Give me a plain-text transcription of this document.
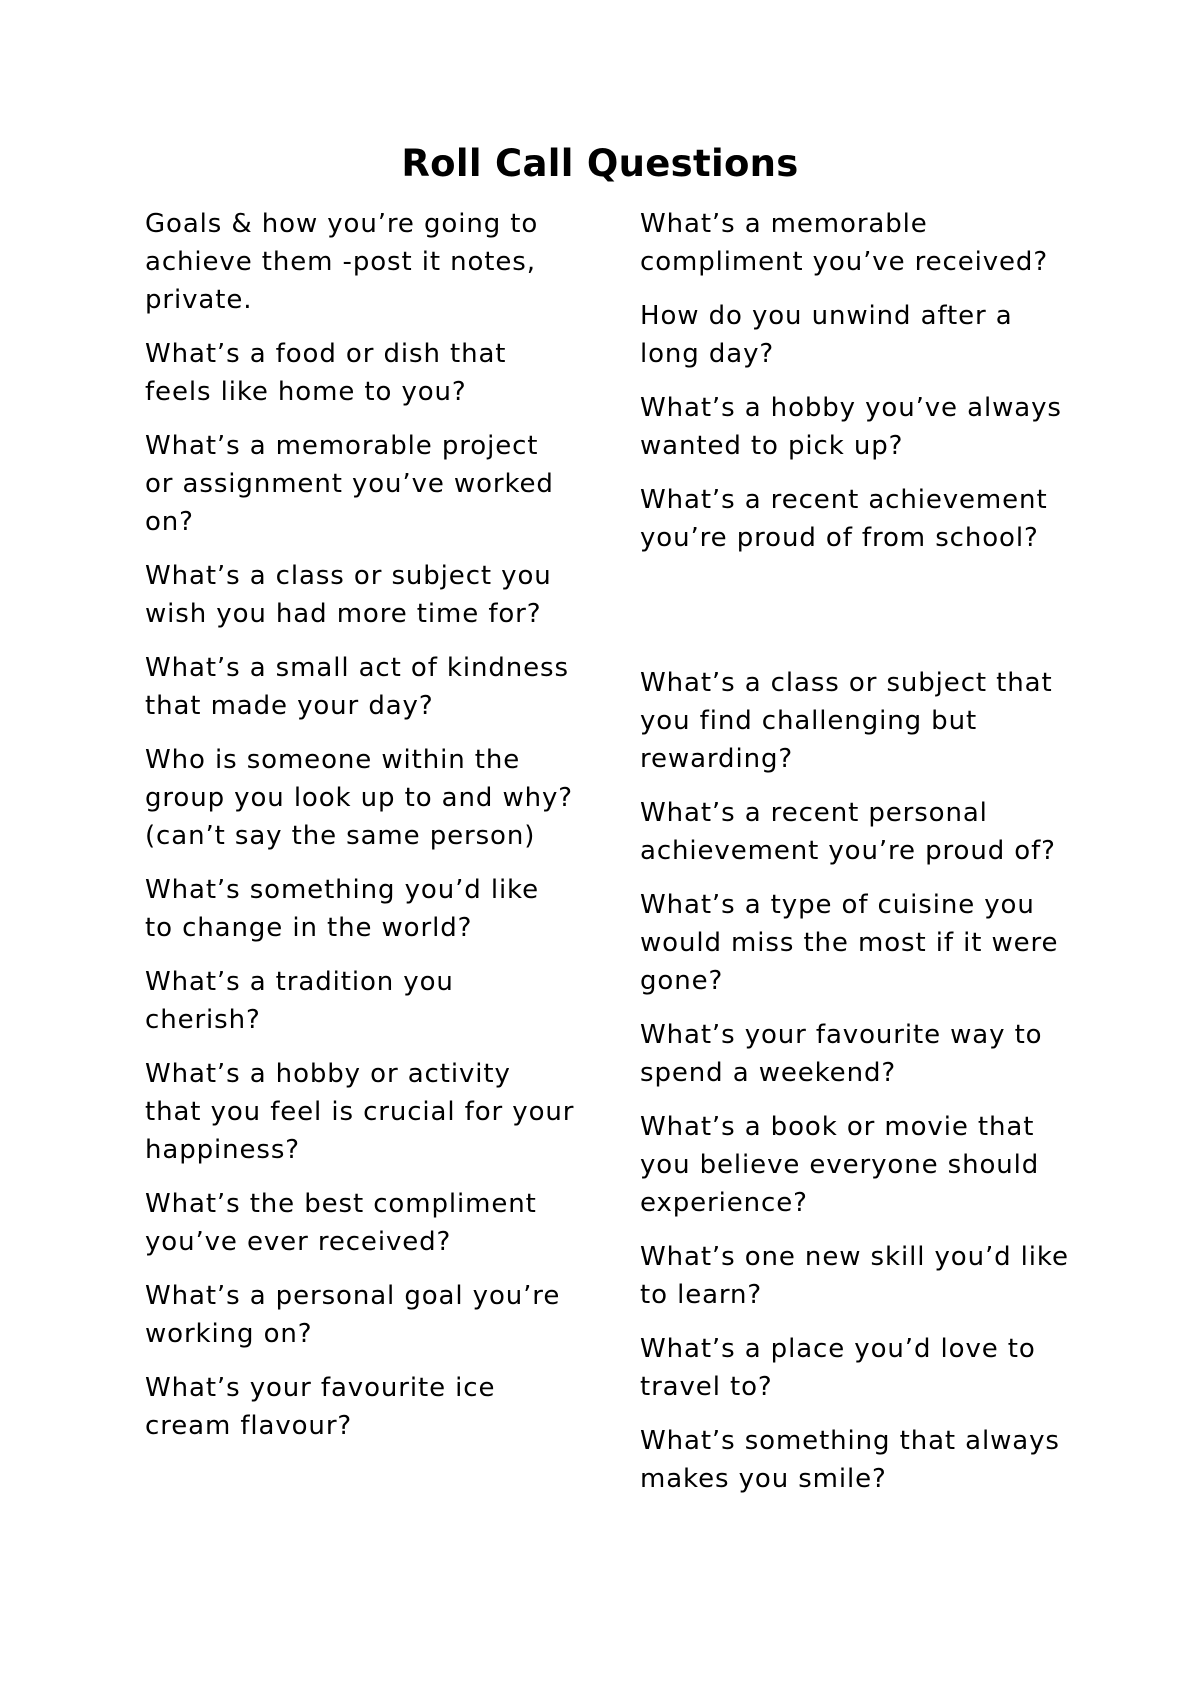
Roll Call Questions
Goals & how you’re going to achieve them -post it notes, private.
What’s a food or dish that feels like home to you?
What’s a memorable project or assignment you’ve worked on?
What’s a class or subject you wish you had more time for?
What’s a small act of kindness that made your day?
Who is someone within the group you look up to and why? (can’t say the same person)
What’s something you’d like to change in the world?
What’s a tradition you cherish?
What’s a hobby or activity that you feel is crucial for your happiness?
What’s the best compliment you’ve ever received?
What’s a personal goal you’re working on?
What’s your favourite ice cream flavour?
What’s a memorable compliment you’ve received?
How do you unwind after a long day?
What’s a hobby you’ve always wanted to pick up?
What’s a recent achievement you’re proud of from school?
What’s a class or subject that you find challenging but rewarding?
What’s a recent personal achievement you’re proud of?
What’s a type of cuisine you would miss the most if it were gone?
What’s your favourite way to spend a weekend?
What’s a book or movie that you believe everyone should experience?
What’s one new skill you’d like to learn?
What’s a place you’d love to travel to?
What’s something that always makes you smile?
